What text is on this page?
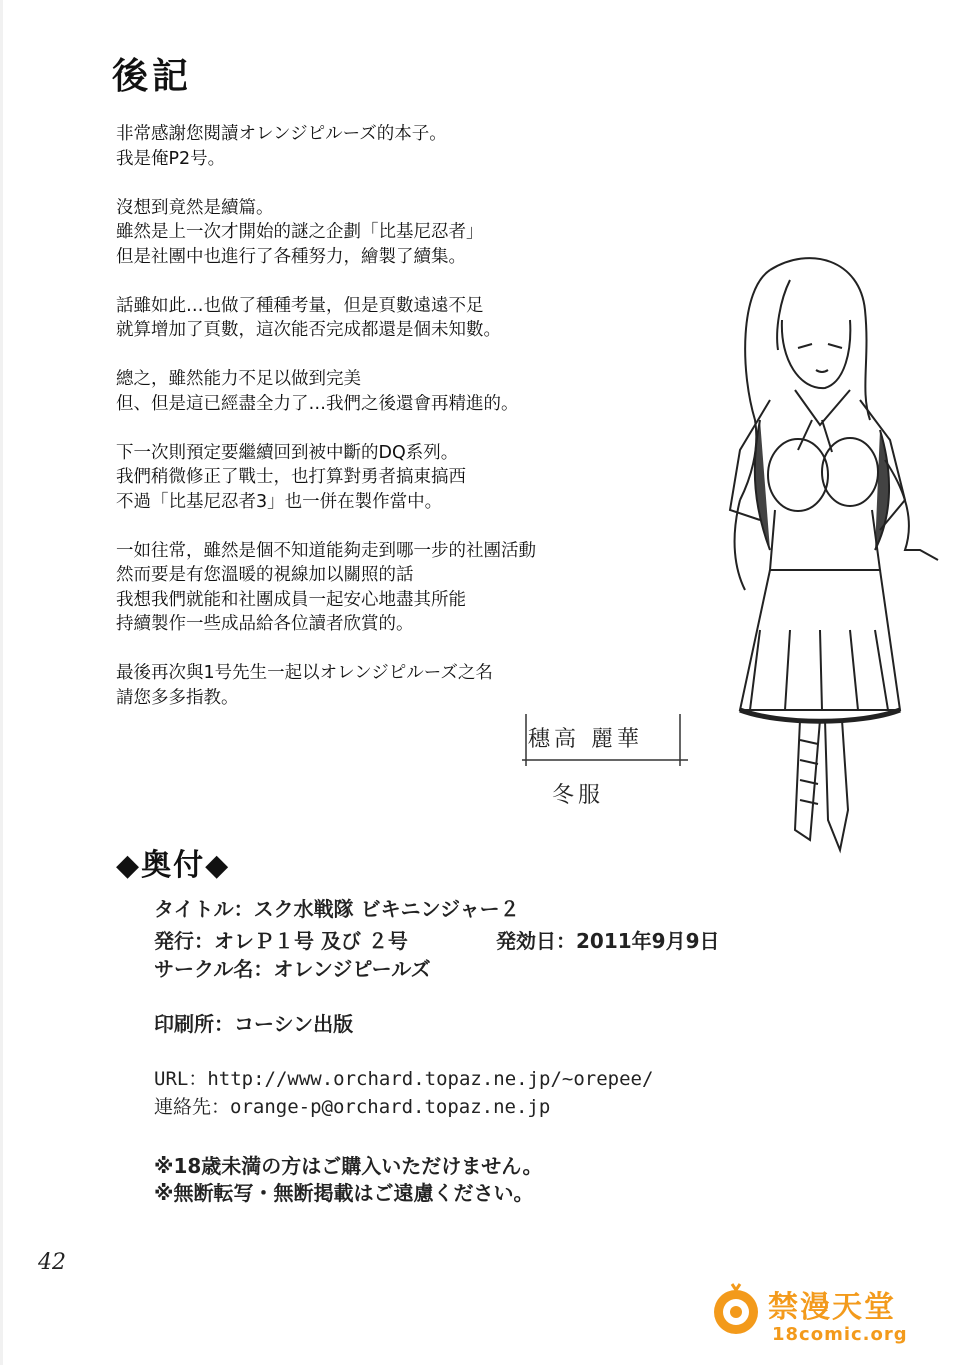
後記
非常感謝您閱讀オレンジピルーズ的本子。
我是俺P2号。
沒想到竟然是續篇。
雖然是上一次才開始的謎之企劃「比基尼忍者」
但是社團中也進行了各種努力，繪製了續集。
話雖如此…也做了種種考量，但是頁數遠遠不足
就算增加了頁數，這次能否完成都還是個未知數。
總之，雖然能力不足以做到完美
但、但是這已經盡全力了…我們之後還會再精進的。
下一次則預定要繼續回到被中斷的DQ系列。
我們稍微修正了戰士，也打算對勇者搞東搞西
不過「比基尼忍者3」也一併在製作當中。
一如往常，雖然是個不知道能夠走到哪一步的社團活動
然而要是有您溫暖的視線加以關照的話
我想我們就能和社團成員一起安心地盡其所能
持續製作一些成品給各位讀者欣賞的。
最後再次與1号先生一起以オレンジピルーズ之名
請您多多指教。
穗高 麗華
冬服
◆奥付◆
タイトル：スク水戦隊 ビキニンジャー２
発行：オレＰ１号 及び ２号	発効日：2011年9月9日
サークル名：オレンジピールズ
印刷所：コーシン出版
URL：http://www.orchard.topaz.ne.jp/~orepee/
連絡先：orange-p@orchard.topaz.ne.jp
※18歳未満の方はご購入いただけません。
※無断転写・無断掲載はご遠慮ください。
42
禁漫天堂
18comic.org
